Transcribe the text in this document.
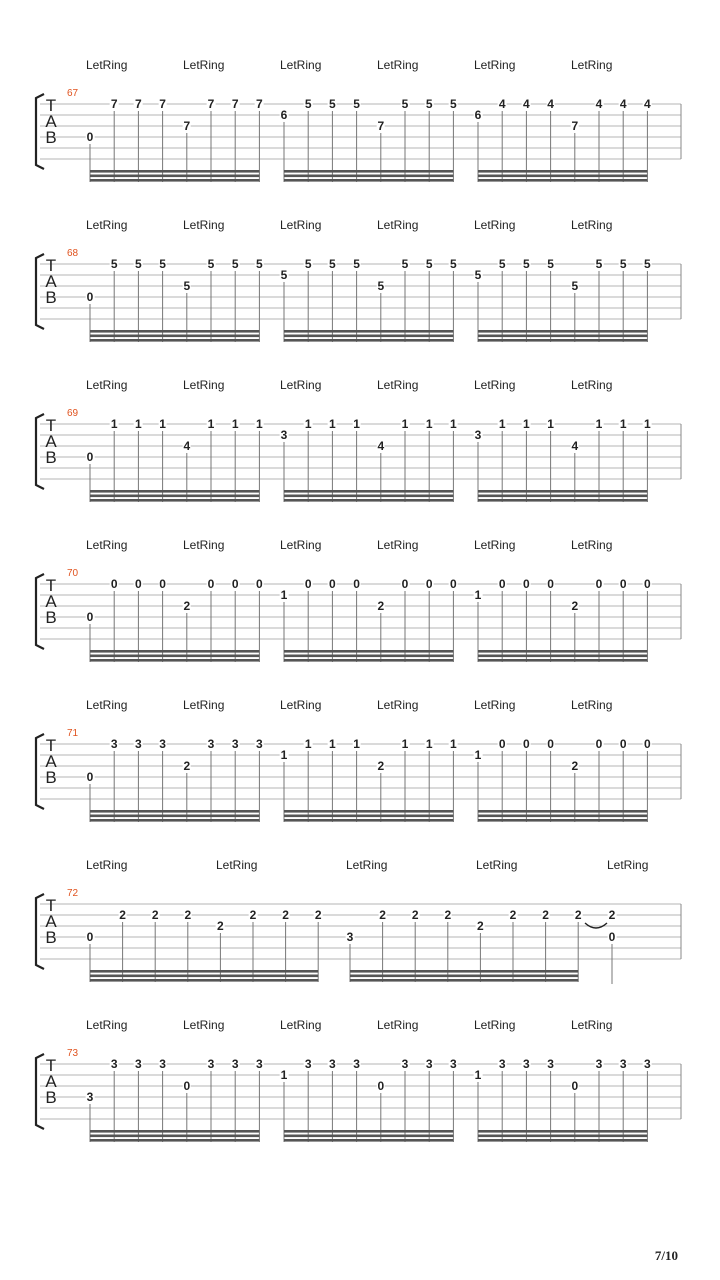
T
A
B
67
LetRing	LetRing
0
7 7 7
7
7 7 7
LetRing	LetRing
6
5 5 5
7
5 5 5
LetRing	LetRing
6
4 4 4
7
4 4 4
T
A
B
68
LetRing	LetRing
0
5 5 5
5
5 5 5
LetRing	LetRing
5
5 5 5
5
5 5 5
LetRing	LetRing
5
5 5 5
5
5 5 5
T
A
B
69
LetRing	LetRing
0
1 1 1
4
1 1 1
LetRing	LetRing
3
1 1 1
4
1 1 1
LetRing	LetRing
3
1 1 1
4
1 1 1
T
A
B
70
LetRing	LetRing
0
0 0 0
2
0 0 0
LetRing	LetRing
1
0 0 0
2
0 0 0
LetRing	LetRing
1
0 0 0
2
0 0 0
T
A
B
71
LetRing	LetRing
0
3 3 3
2
3 3 3
LetRing	LetRing
1
1 1 1
2
1 1 1
LetRing	LetRing
1
0 0 0
2
0 0 0
T
A
B
72
LetRing	LetRing	LetRing	LetRing	LetRing
0
2 2 2
2
2 2 2
3
2 2 2
2
2 2 2 2
0
T
A
B
73
LetRing	LetRing
3
3 3 3
0
3 3 3
LetRing	LetRing
1
3 3 3
0
3 3 3
LetRing	LetRing
1
3 3 3
0
3 3 3
7/10
